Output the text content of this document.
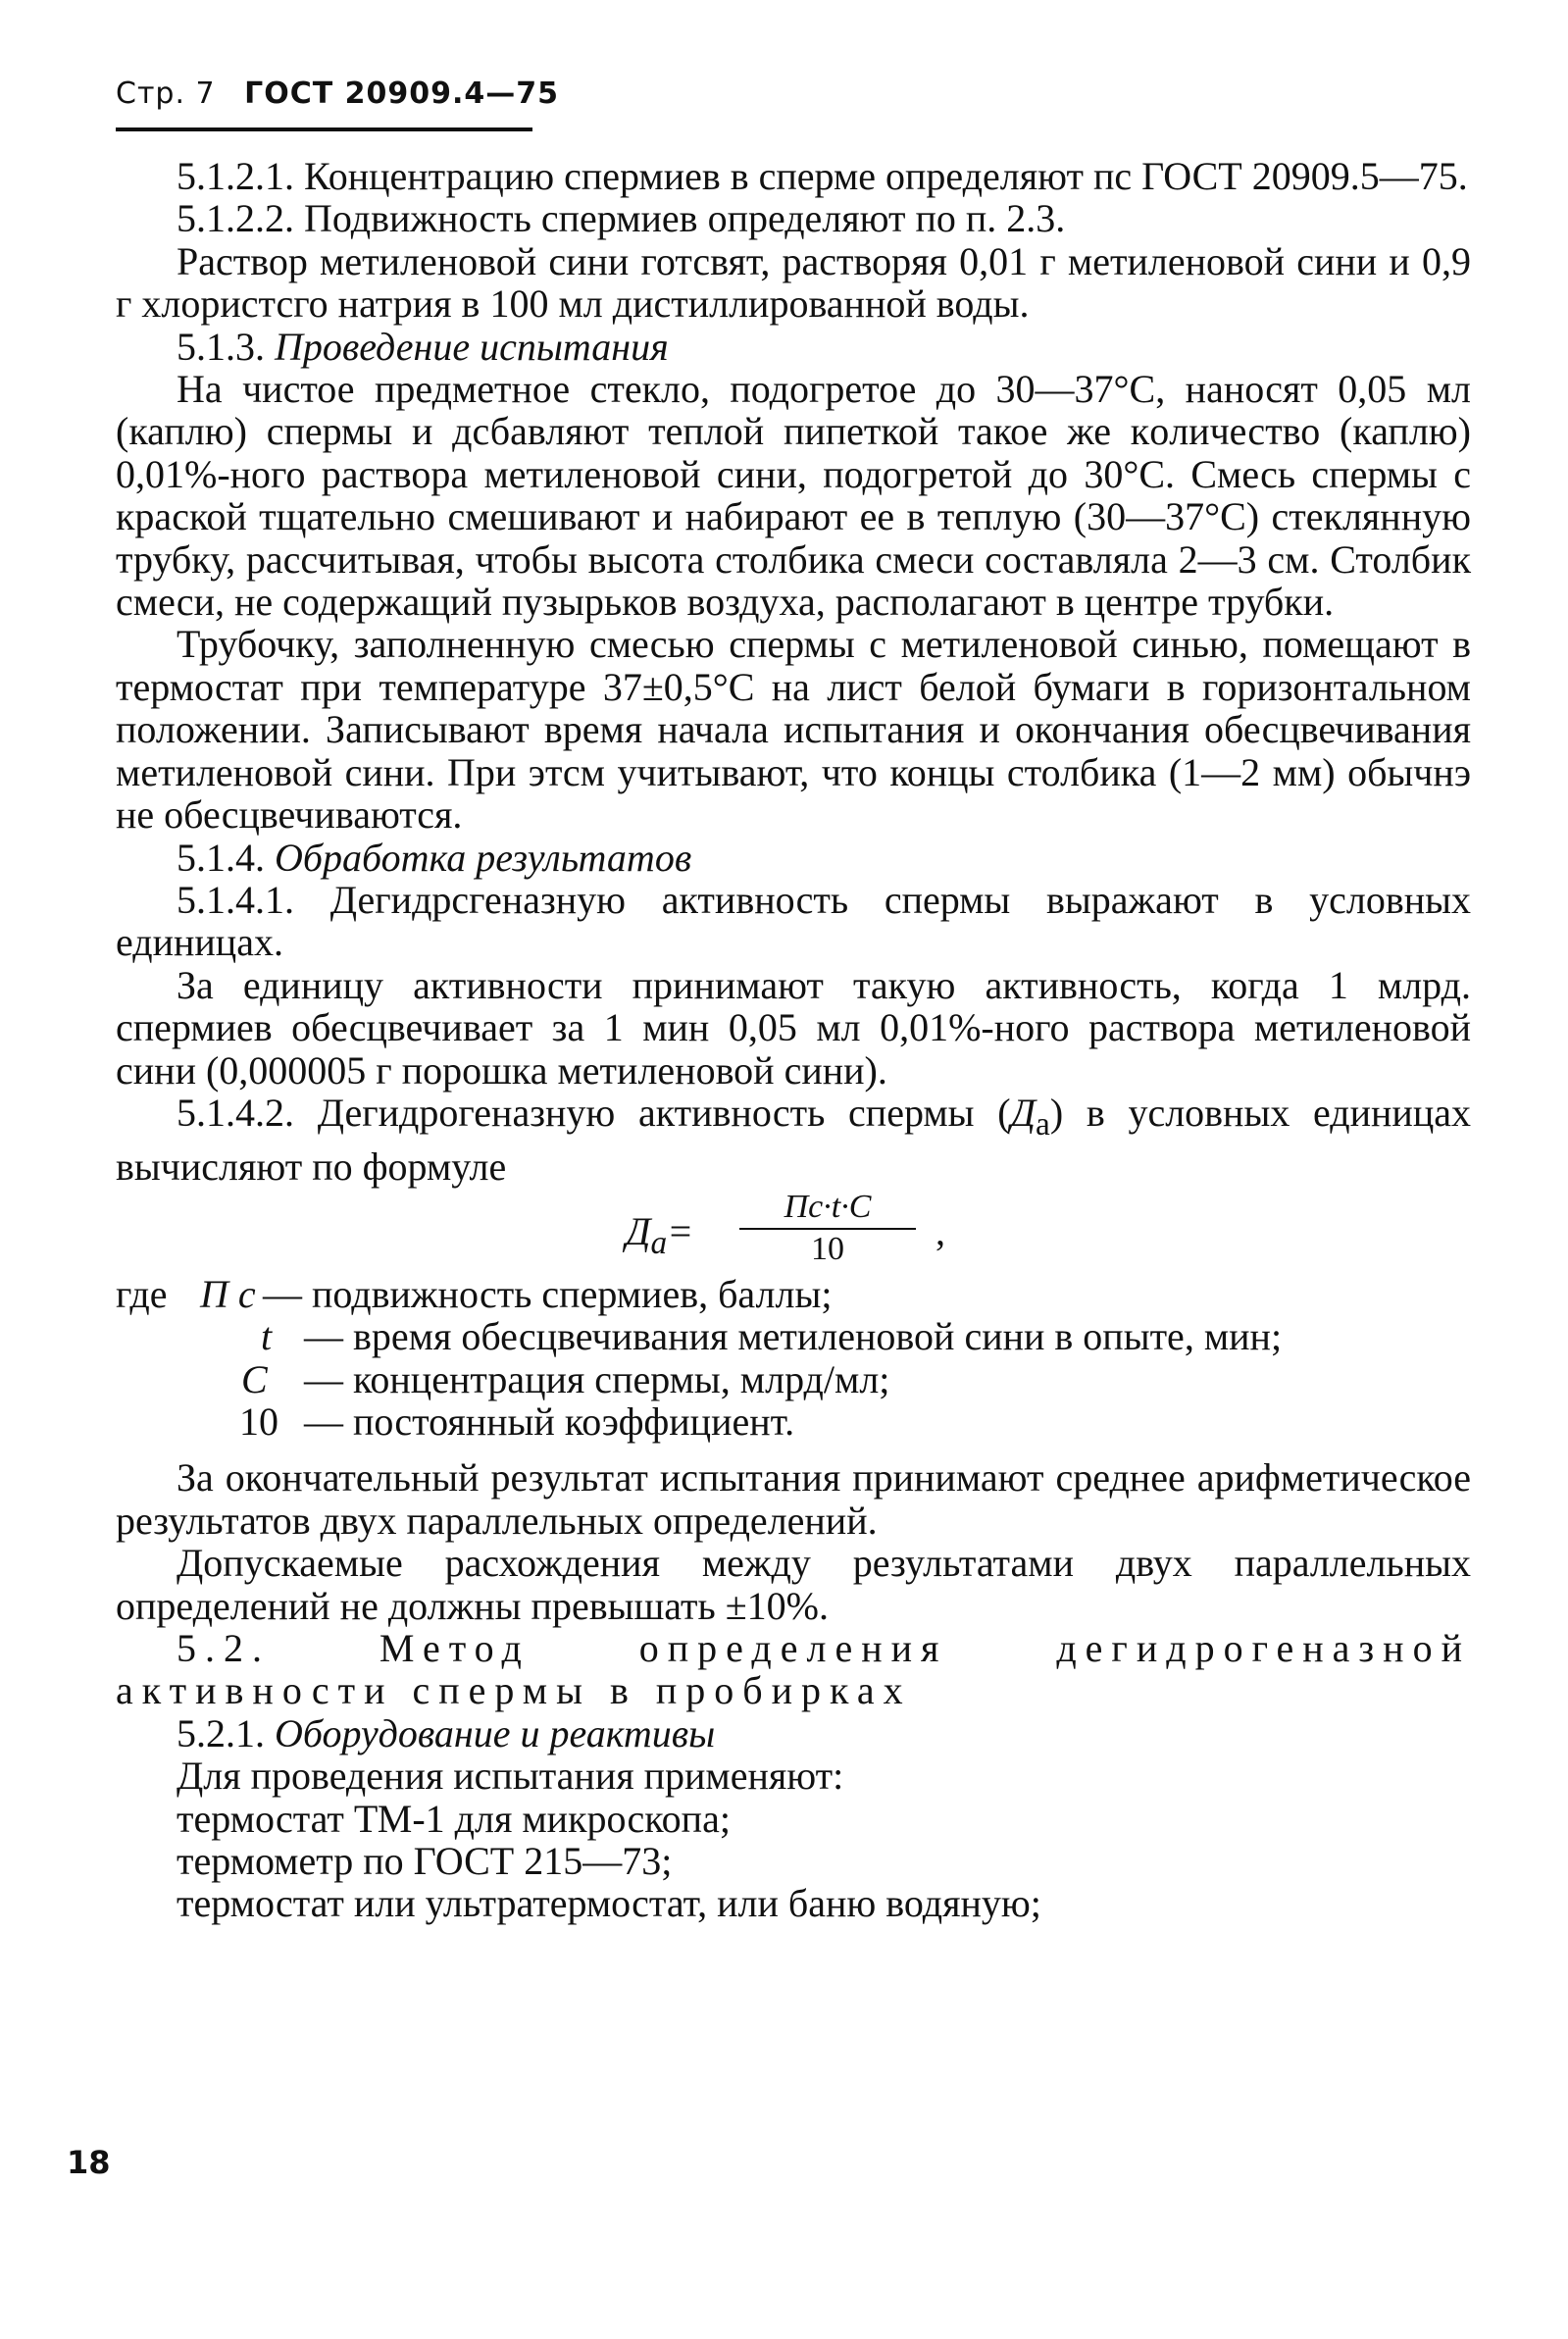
Стр. 7 ГОСТ 20909.4—75

5.1.2.1. Концентрацию спермиев в сперме определяют пс ГОСТ 20909.5—75.

5.1.2.2. Подвижность спермиев определяют по п. 2.3.

Раствор метиленовой сини готсвят, растворяя 0,01 г метиленовой сини и 0,9 г хлористсго натрия в 100 мл дистиллированной воды.

5.1.3. Проведение испытания

На чистое предметное стекло, подогретое до 30—37°С, наносят 0,05 мл (каплю) спермы и дсбавляют теплой пипеткой такое же кoличество (каплю) 0,01%-ного раствора метиленовой сини, подогретой до 30°С. Смесь спермы с краской тщательно смешивают и набирают ее в теплую (30—37°С) стеклянную трубку, рассчитывая, чтобы высота столбика смеси составляла 2—3 см. Столбик смеси, не содержащий пузырьков воздуха, располагают в центре трубки.

Трубочку, заполненную смесью спермы с метиленовой синью, помещают в термостат при температуре 37±0,5°С на лист белой бумаги в горизонтальном положении. Записывают время начала испытания и окончания обесцвечивания метиленовой сини. При этсм учитывают, что концы столбика (1—2 мм) обычнэ не обесцвечиваются.

5.1.4. Обработка результатов

5.1.4.1. Дегидрсгеназную активность спермы выражают в условных единицах.

За единицу активности принимают такую активность, когда 1 млрд. спермиев обесцвечивает за 1 мин 0,05 мл 0,01%-ного раствора метиленовой сини (0,000005 г порошка метиленовой сини).

5.1.4.2. Дегидрогеназную активность спермы $(Д_а)$ в условных единицах вычисляют по формуле

$Д_а=$
Пс·t·C
10	,
где П с — подвижность спермиев, баллы;
t — время обесцвечивания метиленовой сини в опыте, мин;
С — концентрация спермы, млрд/мл;
10 — постоянный коэффициент.

За окончательный результат испытания принимают среднее арифметическое результатов двух параллельных определений.

Допускаемые расхождения между результатами двух параллельных определений не должны превышать ±10%.

5.2. Метод определения дегидрогеназной активности спермы в пробирках

5.2.1. Оборудование и реактивы

Для проведения испытания применяют:

термостат ТМ-1 для микроскопа;

термометр по ГОСТ 215—73;

термостат или ультратермостат, или баню водяную;

18
